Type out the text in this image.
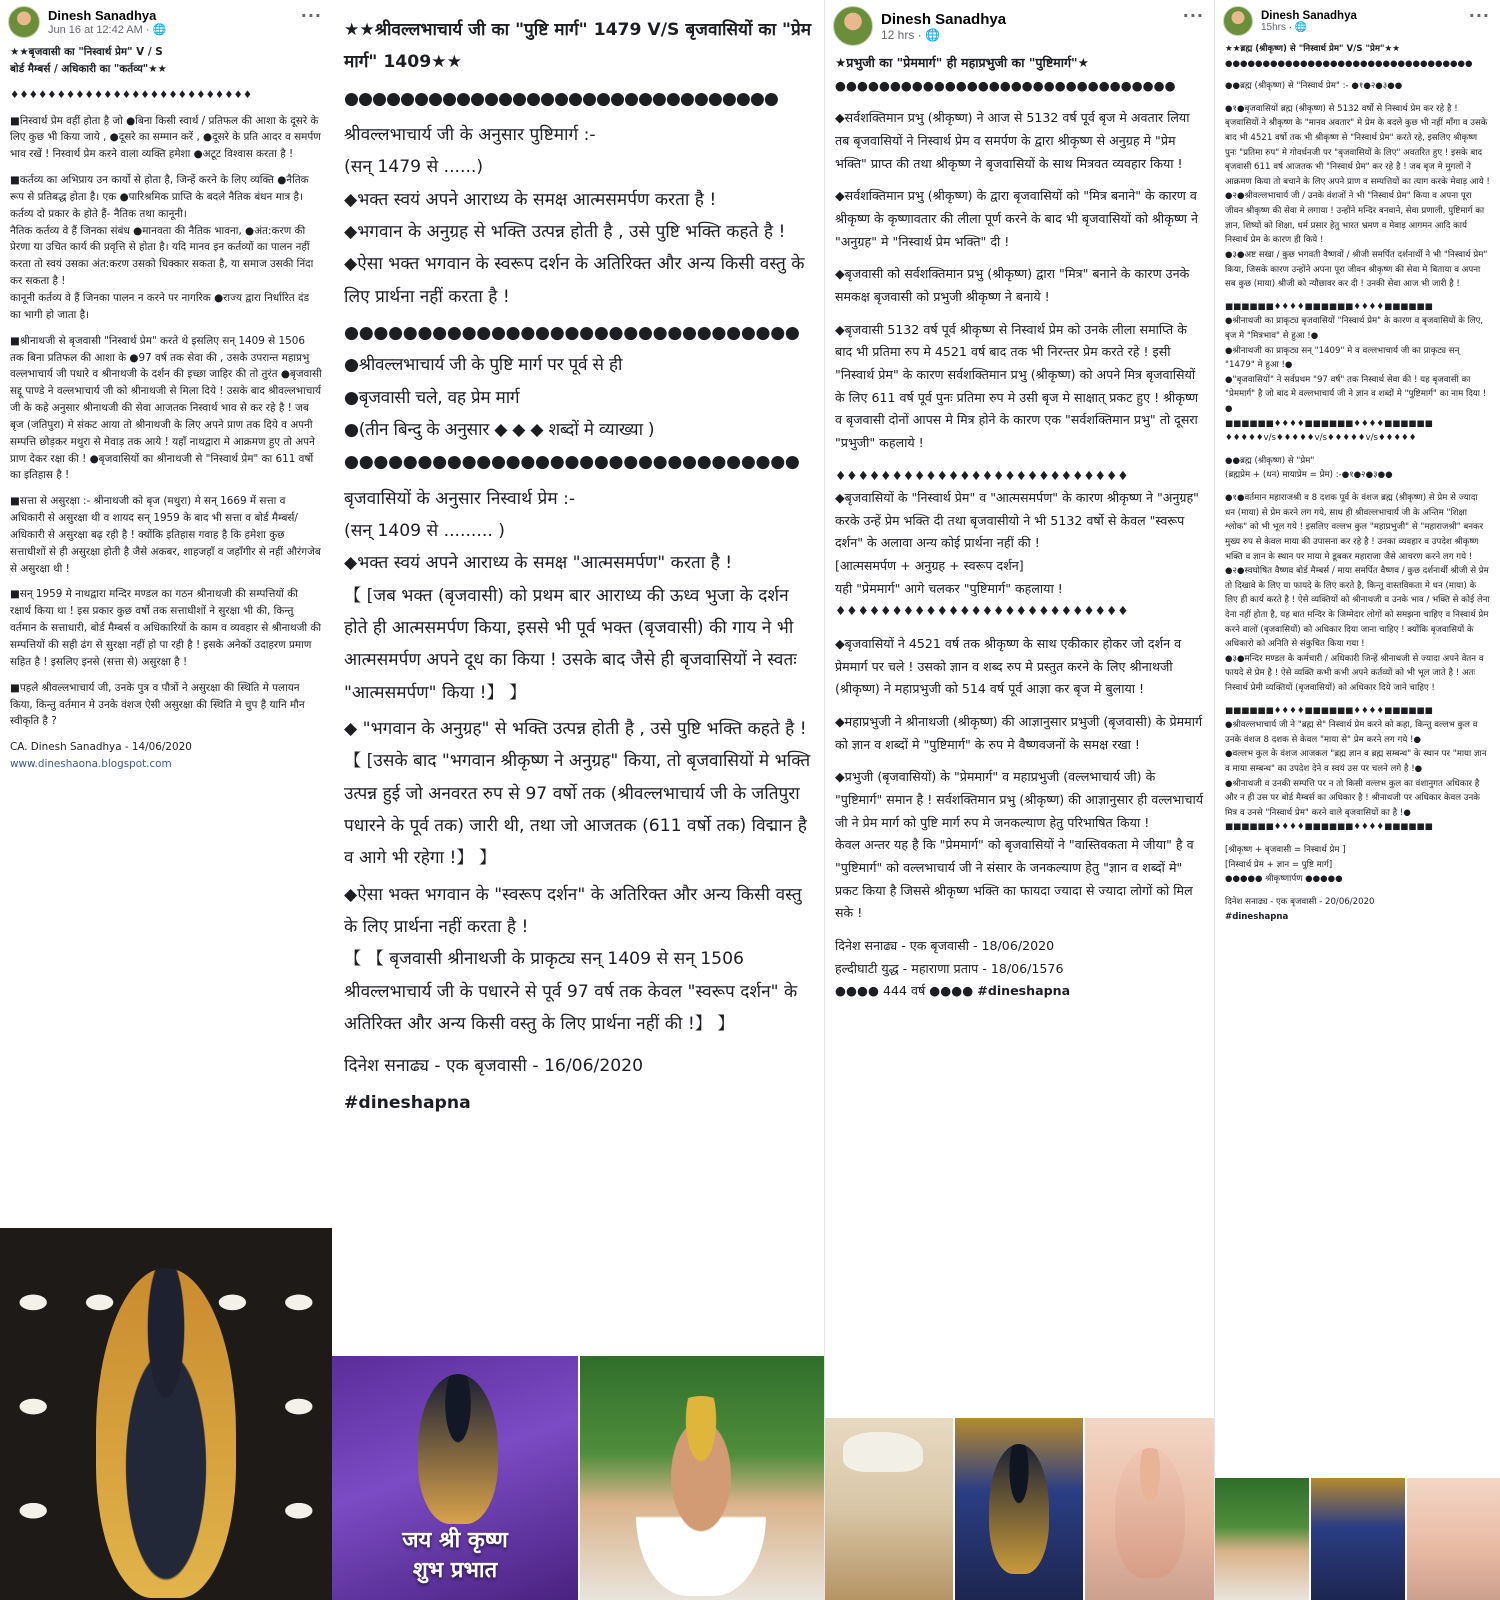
Dinesh Sanadhya
Jun 16 at 12:42 AM · 🌐
···

★★बृजवासी का "निस्वार्थ प्रेम" V / S
बोर्ड मैम्बर्स / अधिकारी का "कर्तव्य"★★

♦♦♦♦♦♦♦♦♦♦♦♦♦♦♦♦♦♦♦♦♦♦♦♦♦♦

■निस्वार्थ प्रेम वहीं होता है जो ●बिना किसी स्वार्थ / प्रतिफल की आशा के दूसरे के लिए कुछ भी किया जाये , ●दूसरे का सम्मान करें , ●दूसरे के प्रति आदर व समर्पण भाव रखें ! निस्वार्थ प्रेम करने वाला व्यक्ति हमेशा ●अटूट विश्वास करता है !

■कर्तव्य का अभिप्राय उन कार्यो से होता है, जिन्हें करने के लिए व्यक्ति ●नैतिक रूप से प्रतिबद्ध होता है। एक ●पारिश्रमिक प्राप्ति के बदले नैतिक बंधन मात्र है। कर्तव्य दो प्रकार के होते हैं- नैतिक तथा कानूनी।
नैतिक कर्तव्य वे हैं जिनका संबंध ●मानवता की नैतिक भावना, ●अंत:करण की प्रेरणा या उचित कार्य की प्रवृत्ति से होता है। यदि मानव इन कर्तव्यों का पालन नहीं करता तो स्वयं उसका अंत:करण उसको धिक्कार सकता है, या समाज उसकी निंदा कर सकता है !
कानूनी कर्तव्य वे हैं जिनका पालन न करने पर नागरिक ●राज्य द्वारा निर्धारित दंड का भागी हो जाता है।

■श्रीनाथजी से बृजवासी "निस्वार्थ प्रेम" करते थे इसलिए सन् 1409 से 1506 तक बिना प्रतिफल की आशा के ●97 वर्ष तक सेवा की , उसके उपरान्त महाप्रभु वल्लभाचार्य जी पधारे व श्रीनाथजी के दर्शन की इच्छा जाहिर की तो तुरंत ●बृजवासी सद्दू पाण्डे ने वल्लभाचार्य जी को श्रीनाथजी से मिला दिये ! उसके बाद श्रीवल्लभाचार्य जी के कहे अनुसार श्रीनाथजी की सेवा आजतक निस्वार्थ भाव से कर रहे है ! जब बृज (जतिपुरा) मे संकट आया तो श्रीनाथजी के लिए अपने प्राण तक दिये व अपनी सम्पत्ति छोड़कर मथुरा से मेवाड़ तक आये ! यहाँ नाथद्वारा मे आक्रमण हुए तो अपने प्राण देकर रक्षा की ! ●बृजवासियों का श्रीनाथजी से "निस्वार्थ प्रेम" का 611 वर्षो का इतिहास है !

■सत्ता से असुरक्षा :- श्रीनाथजी को बृज (मथुरा) मे सन् 1669 में सत्ता व अधिकारी से असुरक्षा थी व शायद सन् 1959 के बाद भी सत्ता व बोर्ड मैम्बर्स/अधिकारी से असुरक्षा बढ़ रही है ! क्योंकि इतिहास गवाह है कि हमेशा कुछ सत्ताधीशों से ही असुरक्षा होती है जैसे अकबर, शाहजहाँ व जहाँगीर से नहीं औरंगजेब से असुरक्षा थी !

■सन् 1959 मे नाथद्वारा मन्दिर मण्डल का गठन श्रीनाथजी की सम्पत्तियों की रक्षार्थ किया था ! इस प्रकार कुछ वर्षो तक सत्ताधीशों ने सुरक्षा भी की, किन्तु वर्तमान के सत्ताधारी, बोर्ड मैम्बर्स व अधिकारियों के काम व व्यवहार से श्रीनाथजी की सम्पत्तियों की सही ढंग से सुरक्षा नहीं हो पा रही है ! इसके अनेकों उदाहरण प्रमाण सहित है ! इसलिए इनसे (सत्ता से) असुरक्षा है !

■पहले श्रीवल्लभाचार्य जी, उनके पुत्र व पौत्रों ने असुरक्षा की स्थिति मे पलायन किया, किन्तु वर्तमान मे उनके वंशज ऐसी असुरक्षा की स्थिति मे चुप है यानि मौन स्वीकृति है ?

CA. Dinesh Sanadhya - 14/06/2020

www.dineshaona.blogspot.com

★★श्रीवल्लभाचार्य जी का "पुष्टि मार्ग" 1479 V/S बृजवासियों का "प्रेम मार्ग" 1409★★

●●●●●●●●●●●●●●●●●●●●●●●●●●●●●●●

श्रीवल्लभाचार्य जी के अनुसार पुष्टिमार्ग :-
(सन् 1479 से ......)
◆भक्त स्वयं अपने आराध्य के समक्ष आत्मसमर्पण करता है !
◆भगवान के अनुग्रह से भक्ति उत्पन्न होती है , उसे पुष्टि भक्ति कहते है !
◆ऐसा भक्त भगवान के स्वरूप दर्शन के अतिरिक्त और अन्य किसी वस्तु के लिए प्रार्थना नहीं करता है !

●●●●●●●●●●●●●●●●●●●●●●●●●●●●●●●
●श्रीवल्लभाचार्य जी के पुष्टि मार्ग पर पूर्व से ही
●बृजवासी चले, वह प्रेम मार्ग
●(तीन बिन्दु के अनुसार ◆ ◆ ◆ शब्दों मे व्याख्या )
●●●●●●●●●●●●●●●●●●●●●●●●●●●●●●●

बृजवासियों के अनुसार निस्वार्थ प्रेम :-
(सन् 1409 से ......... )
◆भक्त स्वयं अपने आराध्य के समक्ष "आत्मसमर्पण" करता है !
【 [जब भक्त (बृजवासी) को प्रथम बार आराध्य की ऊध्व भुजा के दर्शन होते ही आत्मसमर्पण किया, इससे भी पूर्व भक्त (बृजवासी) की गाय ने भी आत्मसमर्पण अपने दूध का किया ! उसके बाद जैसे ही बृजवासियों ने स्वतः "आत्मसमर्पण" किया !】 】

◆ "भगवान के अनुग्रह" से भक्ति उत्पन्न होती है , उसे पुष्टि भक्ति कहते है !
【 [उसके बाद "भगवान श्रीकृष्ण ने अनुग्रह" किया, तो बृजवासियों मे भक्ति उत्पन्न हुई जो अनवरत रुप से 97 वर्षो तक (श्रीवल्लभाचार्य जी के जतिपुरा पधारने के पूर्व तक) जारी थी, तथा जो आजतक (611 वर्षो तक) विद्मान है व आगे भी रहेगा !】 】

◆ऐसा भक्त भगवान के "स्वरूप दर्शन" के अतिरिक्त और अन्य किसी वस्तु के लिए प्रार्थना नहीं करता है !
【 【 बृजवासी श्रीनाथजी के प्राकृट्य सन् 1409 से सन् 1506 श्रीवल्लभाचार्य जी के पधारने से पूर्व 97 वर्ष तक केवल "स्वरूप दर्शन" के अतिरिक्त और अन्य किसी वस्तु के लिए प्रार्थना नहीं की !】 】

दिनेश सनाढ्य - एक बृजवासी - 16/06/2020

#dineshapna

जय श्री कृष्ण
शुभ प्रभात
Dinesh Sanadhya
12 hrs · 🌐
···

★प्रभुजी का "प्रेममार्ग" ही महाप्रभुजी का "पुष्टिमार्ग"★

●●●●●●●●●●●●●●●●●●●●●●●●●●●●●●●

◆सर्वशक्तिमान प्रभु (श्रीकृष्ण) ने आज से 5132 वर्ष पूर्व बृज मे अवतार लिया तब बृजवासियों ने निस्वार्थ प्रेम व समर्पण के द्वारा श्रीकृष्ण से अनुग्रह मे "प्रेम भक्ति" प्राप्त की तथा श्रीकृष्ण ने बृजवासियों के साथ मित्रवत व्यवहार किया !

◆सर्वशक्तिमान प्रभु (श्रीकृष्ण) के द्वारा बृजवासियों को "मित्र बनाने" के कारण व श्रीकृष्ण के कृष्णावतार की लीला पूर्ण करने के बाद भी बृजवासियों को श्रीकृष्ण ने "अनुग्रह" मे "निस्वार्थ प्रेम भक्ति" दी !

◆बृजवासी को सर्वशक्तिमान प्रभु (श्रीकृष्ण) द्वारा "मित्र" बनाने के कारण उनके समकक्ष बृजवासी को प्रभुजी श्रीकृष्ण ने बनाये !

◆बृजवासी 5132 वर्ष पूर्व श्रीकृष्ण से निस्वार्थ प्रेम को उनके लीला समाप्ति के बाद भी प्रतिमा रुप मे 4521 वर्ष बाद तक भी निरन्तर प्रेम करते रहे ! इसी "निस्वार्थ प्रेम" के कारण सर्वशक्तिमान प्रभु (श्रीकृष्ण) को अपने मित्र बृजवासियों के लिए 611 वर्ष पूर्व पुनः प्रतिमा रुप मे उसी बृज मे साक्षात् प्रकट हुए ! श्रीकृष्ण व बृजवासी दोनों आपस मे मित्र होने के कारण एक "सर्वशक्तिमान प्रभु" तो दूसरा "प्रभुजी" कहलाये !

♦♦♦♦♦♦♦♦♦♦♦♦♦♦♦♦♦♦♦♦♦♦♦♦♦♦
◆बृजवासियों के "निस्वार्थ प्रेम" व "आत्मसमर्पण" के कारण श्रीकृष्ण ने "अनुग्रह" करके उन्हें प्रेम भक्ति दी तथा बृजवासीयो ने भी 5132 वर्षो से केवल "स्वरूप दर्शन" के अलावा अन्य कोई प्रार्थना नहीं की !
[आत्मसमर्पण + अनुग्रह + स्वरूप दर्शन]
यही "प्रेममार्ग" आगे चलकर "पुष्टिमार्ग" कहलाया !
♦♦♦♦♦♦♦♦♦♦♦♦♦♦♦♦♦♦♦♦♦♦♦♦♦♦

◆बृजवासियों ने 4521 वर्ष तक श्रीकृष्ण के साथ एकीकार होकर जो दर्शन व प्रेममार्ग पर चले ! उसको ज्ञान व शब्द रुप मे प्रस्तुत करने के लिए श्रीनाथजी (श्रीकृष्ण) ने महाप्रभुजी को 514 वर्ष पूर्व आज्ञा कर बृज मे बुलाया !

◆महाप्रभुजी ने श्रीनाथजी (श्रीकृष्ण) की आज्ञानुसार प्रभुजी (बृजवासी) के प्रेममार्ग को ज्ञान व शब्दों मे "पुष्टिमार्ग" के रुप मे वैष्णवजनों के समक्ष रखा !

◆प्रभुजी (बृजवासियों) के "प्रेममार्ग" व महाप्रभुजी (वल्लभाचार्य जी) के "पुष्टिमार्ग" समान है ! सर्वशक्तिमान प्रभु (श्रीकृष्ण) की आज्ञानुसार ही वल्लभाचार्य जी ने प्रेम मार्ग को पुष्टि मार्ग रुप मे जनकल्याण हेतु परिभाषित किया !
केवल अन्तर यह है कि "प्रेममार्ग" को बृजवासियों ने "वास्तिवकता मे जीया" है व "पुष्टिमार्ग" को वल्लभाचार्य जी ने संसार के जनकल्याण हेतु "ज्ञान व शब्दों मे" प्रकट किया है जिससे श्रीकृष्ण भक्ति का फायदा ज्यादा से ज्यादा लोगों को मिल सके !

दिनेश सनाढ्य - एक बृजवासी - 18/06/2020

हल्दीघाटी युद्ध - महाराणा प्रताप - 18/06/1576

●●●● 444 वर्ष ●●●● #dineshapna

Dinesh Sanadhya
15hrs · 🌐
···

★★ब्रह्म (श्रीकृष्ण) से "निस्वार्थ प्रेम" V/S "प्रेम"★★

●●●●●●●●●●●●●●●●●●●●●●●●●●●●●●●●●

●●ब्रह्म (श्रीकृष्ण) से "निस्वार्थ प्रेम" :- ●१●२●३●●

●१●बृजवासियों ब्रह्म (श्रीकृष्ण) से 5132 वर्षो से निस्वार्थ प्रेम कर रहे है ! बृजवासियों ने श्रीकृष्ण के "मानव अवतार" मे प्रेम के बदले कुछ भी नहीं माँगा व उसके बाद भी 4521 वर्षो तक भी श्रीकृष्ण से "निस्वार्थ प्रेम" करते रहे, इसलिए श्रीकृष्ण पुनः "प्रतिमा रुप" मे गोवर्धनजी पर "बृजवासियों के लिए" अवतरित हुए ! इसके बाद बृजवासी 611 वर्ष आजतक भी "निस्वार्थ प्रेम" कर रहे है ! जब बृज मे मुगलों ने आक्रमण किया तो बचाने के लिए अपने प्राण व सम्पत्तियों का त्याग करके मेवाड़ आये !
●२●श्रीवल्लभाचार्य जी / उनके वंशजों ने भी "निस्वार्थ प्रेम" किया व अपना पूरा जीवन श्रीकृष्ण की सेवा मे लगाया ! उन्होंने मन्दिर बनवाने, सेवा प्रणाली, पुष्टिमार्ग का ज्ञान, शिष्यों को शिक्षा, धर्म प्रसार हेतु भारत भ्रमण व मेवाड़ आगमन आदि कार्य निस्वार्थ प्रेम के कारण ही किये !
●३●अष्ट सखा / कुछ भगवती वैष्णवों / श्रीजी समर्पित दर्शनार्थी ने भी "निस्वार्थ प्रेम" किया, जिसके कारण उन्होंने अपना पूरा जीवन श्रीकृष्ण की सेवा मे बिताया व अपना सब कुछ (माया) श्रीजी को न्यौछावर कर दी ! उनकी सेवा आज भी जारी है !

■■■■■■♦♦♦♦■■■■■■♦♦♦♦■■■■■■
●श्रीनाथजी का प्राकृट्य बृजवासियों "निस्वार्थ प्रेम" के कारण व बृजवासियों के लिए, बृज मे "मित्रभाव" से हुआ !●
●श्रीनाथजी का प्राकृट्य सन् "1409" मे व वल्लभाचार्य जी का प्राकृट्य सन् "1479" मे हुआ !●
●"बृजवासियों" ने सर्वप्रथम "97 वर्ष" तक निस्वार्थ सेवा की ! यह बृजवासी का "प्रेममार्ग" है जो बाद मे वल्लभाचार्य जी ने ज्ञान व शब्दों मे "पुष्टिमार्ग" का नाम दिया !●
■■■■■■♦♦♦♦■■■■■■♦♦♦♦■■■■■■
♦♦♦♦♦v/s♦♦♦♦♦v/s♦♦♦♦♦v/s♦♦♦♦♦

●●ब्रह्म (श्रीकृष्ण) से "प्रेम"
(ब्रह्मप्रेम + (धन) मायाप्रेम = प्रेम) :-●१●२●३●●

●१●वर्तमान महाराजश्री व 8 दशक पूर्व के वंशज ब्रह्म (श्रीकृष्ण) से प्रेम से ज्यादा धन (माया) से प्रेम करने लग गये, साथ ही श्रीवल्लभाचार्य जी के अन्तिम "शिक्षा श्लोक" को भी भूल गये ! इसलिए वल्लभ कुल "महाप्रभुजी" से "महाराजश्री" बनकर मुख्य रुप से केवल माया की उपासना कर रहे है ! उनका व्यवहार व उपदेश श्रीकृष्ण भक्ति व ज्ञान के स्थान पर माया मे डूबकर महाराजा जैसे आचरण करने लग गये !
●२●स्वघोषित वैष्णव बोर्ड मैम्बर्स / माया समर्पित वैष्णव / कुछ दर्शनार्थी श्रीजी से प्रेम तो दिखावे के लिए या फायदे के लिए करते है, किन्तु वास्तविकता मे धन (माया) के लिए ही कार्य करते है ! ऐसे व्यक्तियों को श्रीनाथजी व उनके भाव / भक्ति से कोई लेना देना नहीं होता है, यह बात मन्दिर के जिम्मेदार लोगों को समझना चाहिए व निस्वार्थ प्रेम करने वालों (बृजवासियों) को अधिकार दिया जाना चाहिए ! क्योंकि बृजवासियों के अधिकारो को अनिति से संकुचित किया गया !
●३●मन्दिर मण्डल के कर्मचारी / अधिकारी जिन्हें श्रीनाथजी से ज्यादा अपने वेतन व फायदे से प्रेम है ! ऐसे व्यक्ति कभी कभी अपने कर्तव्यों को भी भूल जाते है ! अतः निस्वार्थ प्रेमी व्यक्तियों (बृजवासियों) को अधिकार दिये जाने चाहिए !

■■■■■■♦♦♦♦■■■■■■♦♦♦♦■■■■■■
●श्रीवल्लभाचार्य जी ने "ब्रह्म से" निस्वार्थ प्रेम करने को कहा, किन्तु वल्लभ कुल व उनके वंशज 8 दशक से केवल "माया से" प्रेम करने लग गये !●
●वल्लभ कुल के वंशज आजकल "ब्रह्म ज्ञान व ब्रह्म सम्बन्ध" के स्थान पर "माया ज्ञान व माया सम्बन्ध" का उपदेश देने व स्वयं उस पर चलने लगे है !●
●श्रीनाथजी व उनकी सम्पत्ति पर न तो किसी वल्लभ कुल का वंशानुगत अधिकार है और न ही उस पर बोर्ड मैम्बर्स का अधिकार है ! श्रीनाथजी पर अधिकार केवल उनके मित्र व उनसे "निस्वार्थ प्रेम" करने वाले बृजवासियों का है !●
■■■■■■♦♦♦♦■■■■■■♦♦♦♦■■■■■■

[श्रीकृष्ण + बृजवासी = निस्वार्थ प्रेम ]
[निस्वार्थ प्रेम + ज्ञान = पुष्टि मार्ग]
●●●●● श्रीकृष्णार्पण ●●●●●

दिनेश सनाढ्य - एक बृजवासी - 20/06/2020

#dineshapna
